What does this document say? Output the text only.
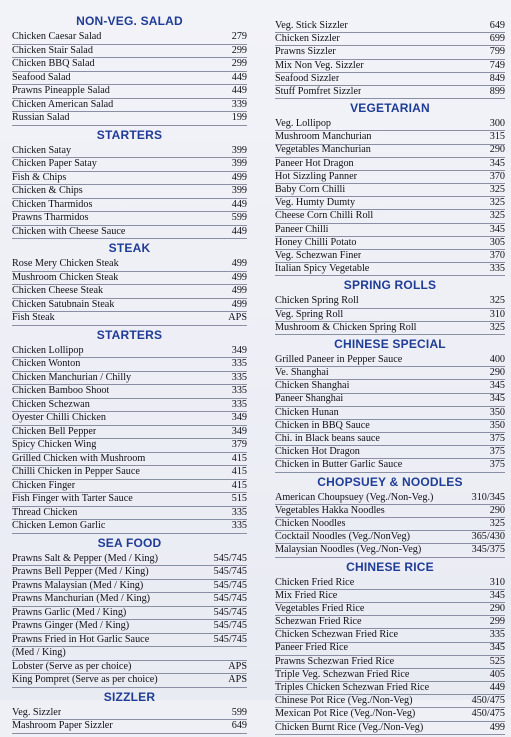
NON-VEG. SALAD
Chicken Caesar Salad	279
Chicken Stair Salad	299
Chicken BBQ Salad	299
Seafood Salad	449
Prawns Pineapple Salad	449
Chicken American Salad	339
Russian Salad	199
STARTERS
Chicken Satay	399
Chicken Paper Satay	399
Fish & Chips	499
Chicken & Chips	399
Chicken Tharmidos	449
Prawns Tharmidos	599
Chicken with Cheese Sauce	449
STEAK
Rose Mery Chicken Steak	499
Mushroom Chicken Steak	499
Chicken Cheese Steak	499
Chicken Satubnain Steak	499
Fish Steak	APS
STARTERS
Chicken Lollipop	349
Chicken Wonton	335
Chicken Manchurian / Chilly	335
Chicken Bamboo Shoot	335
Chicken Schezwan	335
Oyester Chilli Chicken	349
Chicken Bell Pepper	349
Spicy Chicken Wing	379
Grilled Chicken with Mushroom	415
Chilli Chicken in Pepper Sauce	415
Chicken Finger	415
Fish Finger with Tarter Sauce	515
Thread Chicken	335
Chicken Lemon Garlic	335
SEA FOOD
Prawns Salt & Pepper (Med / King)	545/745
Prawns Bell Pepper (Med / King)	545/745
Prawns Malaysian (Med / King)	545/745
Prawns Manchurian (Med / King)	545/745
Prawns Garlic (Med / King)	545/745
Prawns Ginger (Med / King)	545/745
Prawns Fried in Hot Garlic Sauce	545/745
(Med / King)
Lobster (Serve as per choice)	APS
King Pompret (Serve as per choice)	APS
SIZZLER
Veg. Sizzler	599
Mashroom Paper Sizzler	649
Veg. Stick Sizzler	649
Chicken Sizzler	699
Prawns Sizzler	799
Mix Non Veg. Sizzler	749
Seafood Sizzler	849
Stuff Pomfret Sizzler	899
VEGETARIAN
Veg. Lollipop	300
Mushroom Manchurian	315
Vegetables Manchurian	290
Paneer Hot Dragon	345
Hot Sizzling Panner	370
Baby Corn Chilli	325
Veg. Humty Dumty	325
Cheese Corn Chilli Roll	325
Paneer Chilli	345
Honey Chilli Potato	305
Veg. Schezwan Finer	370
Italian Spicy Vegetable	335
SPRING ROLLS
Chicken Spring Roll	325
Veg. Spring Roll	310
Mushroom & Chicken Spring Roll	325
CHINESE SPECIAL
Grilled Paneer in Pepper Sauce	400
Ve. Shanghai	290
Chicken Shanghai	345
Paneer Shanghai	345
Chicken Hunan	350
Chicken in BBQ Sauce	350
Chi. in Black beans sauce	375
Chicken Hot Dragon	375
Chicken in Butter Garlic Sauce	375
CHOPSUEY & NOODLES
American Choupsuey (Veg./Non-Veg.)	310/345
Vegetables Hakka Noodles	290
Chicken Noodles	325
Cocktail Noodles (Veg./NonVeg)	365/430
Malaysian Noodles (Veg./Non-Veg)	345/375
CHINESE RICE
Chicken Fried Rice	310
Mix Fried Rice	345
Vegetables Fried Rice	290
Schezwan Fried Rice	299
Chicken Schezwan Fried Rice	335
Paneer Fried Rice	345
Prawns Schezwan Fried Rice	525
Triple Veg. Schezwan Fried Rice	405
Triples Chicken Schezwan Fried Rice	449
Chinese Pot Rice (Veg./Non-Veg)	450/475
Mexican Pot Rice (Veg./Non-Veg)	450/475
Chicken Burnt Rice (Veg./Non-Veg)	499
